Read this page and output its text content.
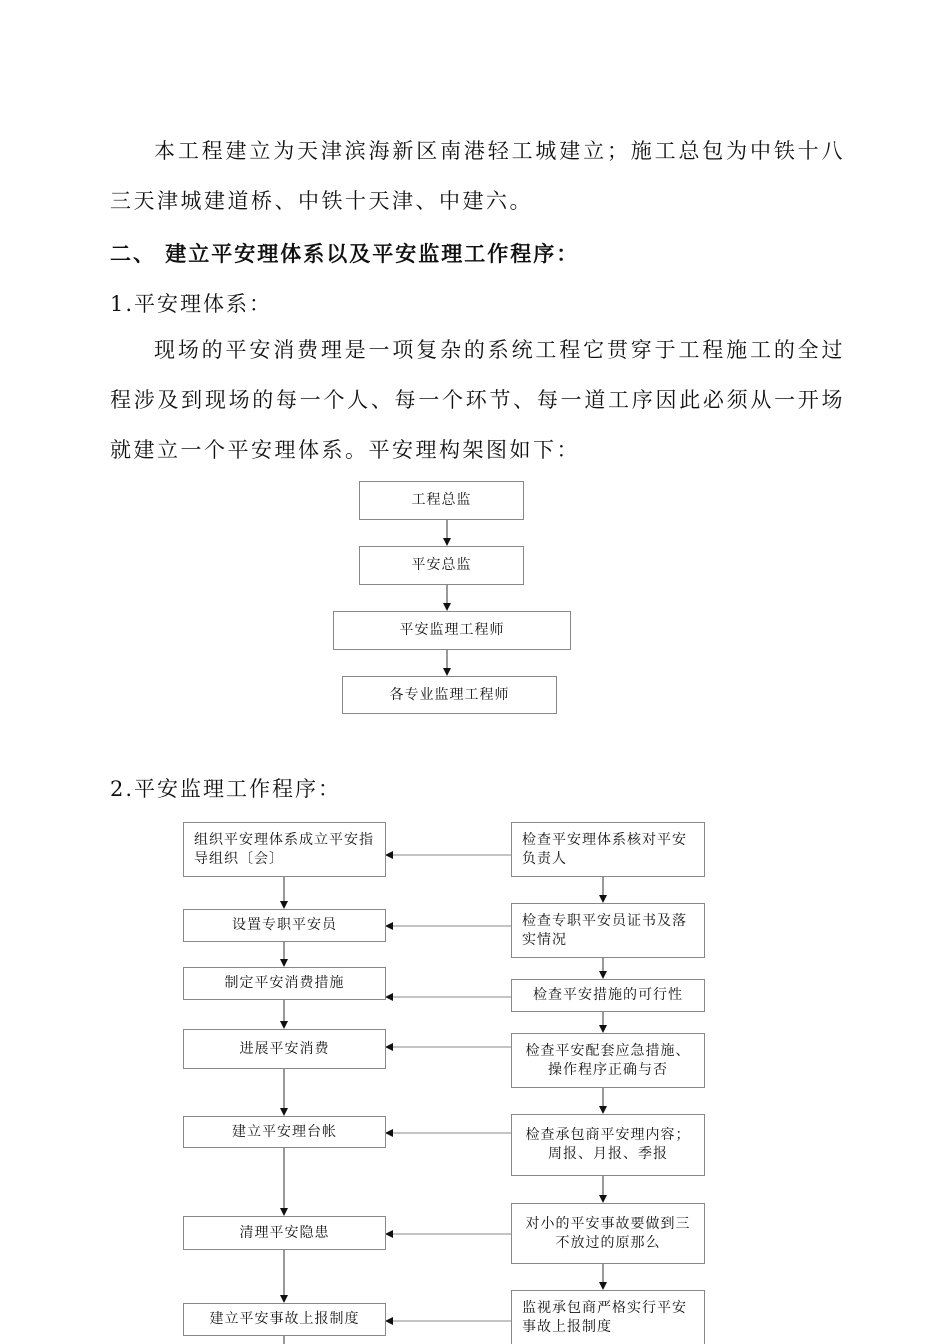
本工程建立为天津滨海新区南港轻工城建立；施工总包为中铁十八三天津城建道桥、中铁十天津、中建六。

二、 建立平安理体系以及平安监理工作程序：

1.平安理体系：

现场的平安消费理是一项复杂的系统工程它贯穿于工程施工的全过程涉及到现场的每一个人、每一个环节、每一道工序因此必须从一开场就建立一个平安理体系。平安理构架图如下：

工程总监
平安总监
平安监理工程师
各专业监理工程师

2.平安监理工作程序：

组织平安理体系成立平安指导组织〔会〕
设置专职平安员
制定平安消费措施
进展平安消费
建立平安理台帐
清理平安隐患
建立平安事故上报制度
检查平安理体系核对平安负责人
检查专职平安员证书及落实情况
检查平安措施的可行性
检查平安配套应急措施、操作程序正确与否
检查承包商平安理内容；周报、月报、季报
对小的平安事故要做到三不放过的原那么
监视承包商严格实行平安事故上报制度
